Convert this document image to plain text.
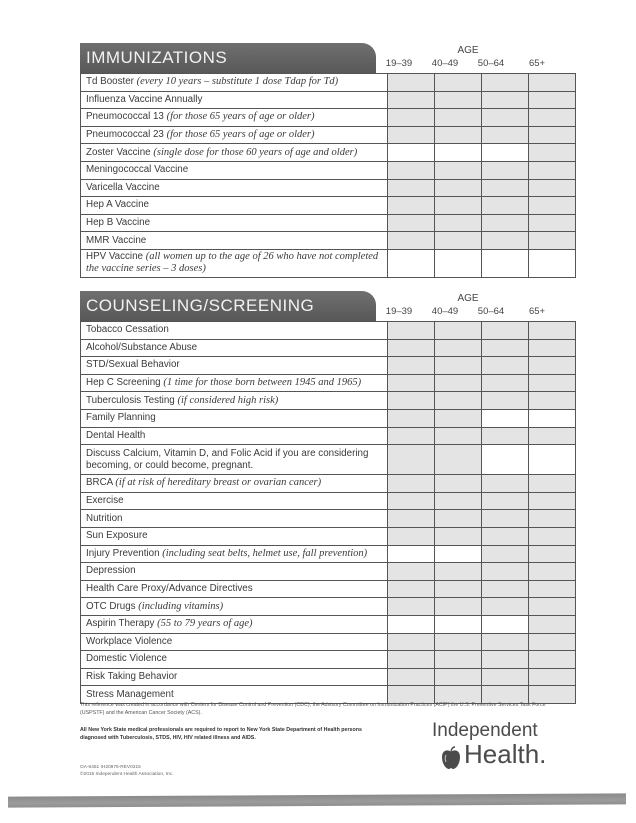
IMMUNIZATIONS	AGE
19–39	40–49	50–64	65+
Td Booster (every 10 years – substitute 1 dose Tdap for Td)				
Influenza Vaccine Annually				
Pneumococcal 13 (for those 65 years of age or older)				
Pneumococcal 23 (for those 65 years of age or older)				
Zoster Vaccine (single dose for those 60 years of age and older)				
Meningococcal Vaccine				
Varicella Vaccine				
Hep A Vaccine				
Hep B Vaccine				
MMR Vaccine				
HPV Vaccine (all women up to the age of 26 who have not completed the vaccine series – 3 doses)				
COUNSELING/SCREENING	AGE
19–39	40–49	50–64	65+
Tobacco Cessation				
Alcohol/Substance Abuse				
STD/Sexual Behavior				
Hep C Screening (1 time for those born between 1945 and 1965)				
Tuberculosis Testing (if considered high risk)				
Family Planning				
Dental Health				
Discuss Calcium, Vitamin D, and Folic Acid if you are considering becoming, or could become, pregnant.				
BRCA (if at risk of hereditary breast or ovarian cancer)				
Exercise				
Nutrition				
Sun Exposure				
Injury Prevention (including seat belts, helmet use, fall prevention)				
Depression				
Health Care Proxy/Advance Directives				
OTC Drugs (including vitamins)				
Aspirin Therapy (55 to 79 years of age)				
Workplace Violence				
Domestic Violence				
Risk Taking Behavior				
Stress Management				
This reference was created in accordance with Centers for Disease Control and Prevention (CDC), the Advisory Committee on Immunization Practices (ACIP) the U.S. Preventive Services Task Force (USPSTF) and the American Cancer Society (ACS).
All New York State medical professionals are required to report to New York State Department of Health persons diagnosed with Tuberculosis, STDS, HIV, HIV related illness and AIDS.
OA-6451 IH20976-REV0315
©2015 Independent Health Association, Inc.
Independent
Health.
